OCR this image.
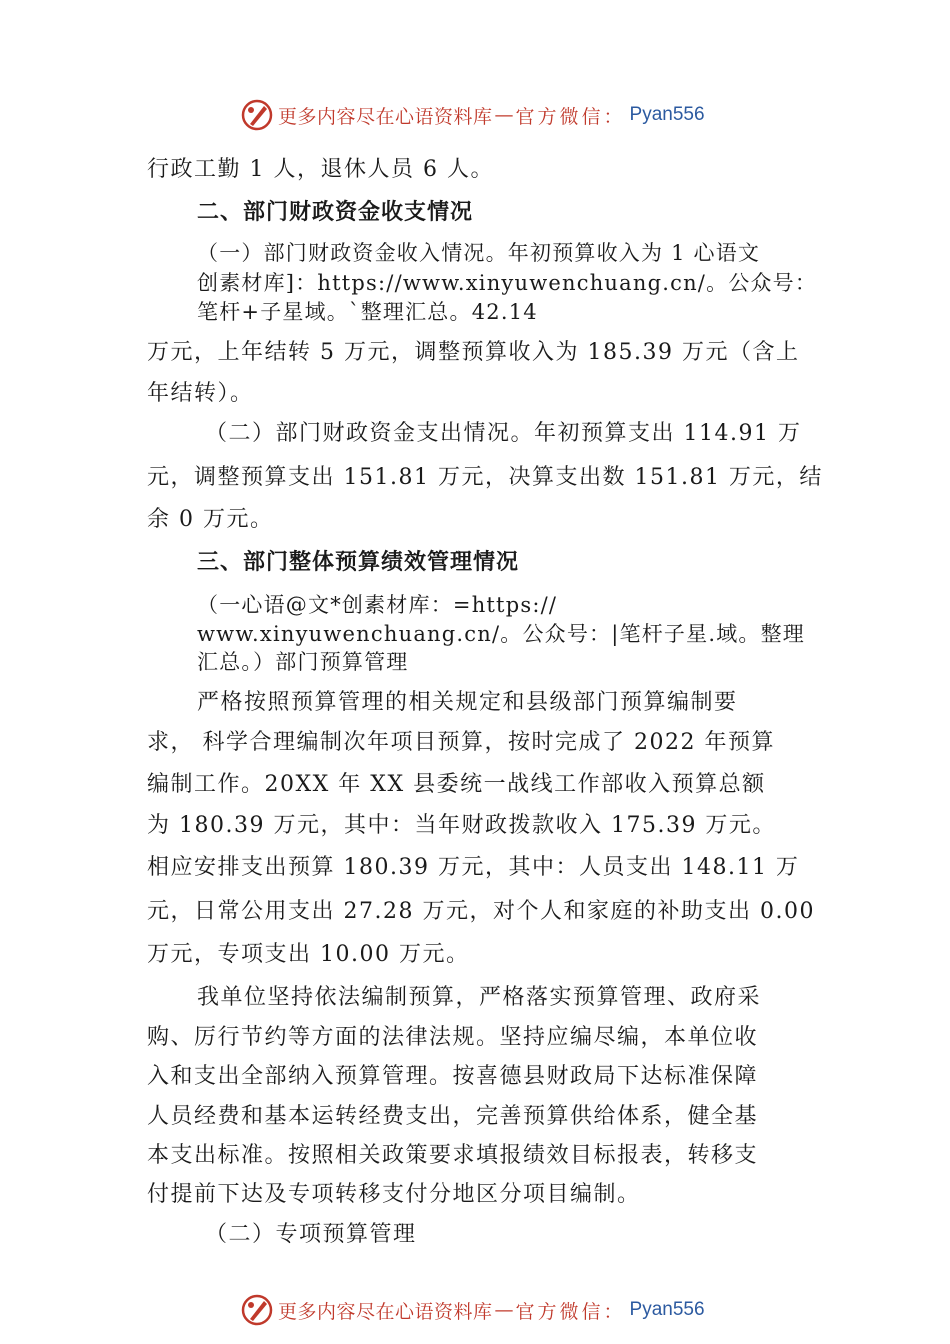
更多内容尽在心语资料库 — 官方微信： Pyan556
行政工勤 1 人，退休人员 6 人。
二、部门财政资金收支情况
（一）部门财政资金收入情况。年初预算收入为 1 心语文
创素材库]：https://www.xinyuwenchuang.cn/。公众号：
笔杆+子星域。`整理汇总。42.14
万元，上年结转 5 万元，调整预算收入为 185.39 万元（含上
年结转）。
（二）部门财政资金支出情况。年初预算支出 114.91 万
元，调整预算支出 151.81 万元，决算支出数 151.81 万元，结
余 0 万元。
三、部门整体预算绩效管理情况
（一心语@文*创素材库：=https://
www.xinyuwenchuang.cn/。公众号：|笔杆子星.域。整理
汇总。）部门预算管理
严格按照预算管理的相关规定和县级部门预算编制要
求， 科学合理编制次年项目预算，按时完成了 2022 年预算
编制工作。20XX 年 XX 县委统一战线工作部收入预算总额
为 180.39 万元，其中：当年财政拨款收入 175.39 万元。
相应安排支出预算 180.39 万元，其中：人员支出 148.11 万
元，日常公用支出 27.28 万元，对个人和家庭的补助支出 0.00
万元，专项支出 10.00 万元。
我单位坚持依法编制预算，严格落实预算管理、政府采
购、厉行节约等方面的法律法规。坚持应编尽编，本单位收
入和支出全部纳入预算管理。按喜德县财政局下达标准保障
人员经费和基本运转经费支出，完善预算供给体系，健全基
本支出标准。按照相关政策要求填报绩效目标报表，转移支
付提前下达及专项转移支付分地区分项目编制。
（二）专项预算管理
更多内容尽在心语资料库 — 官方微信： Pyan556
